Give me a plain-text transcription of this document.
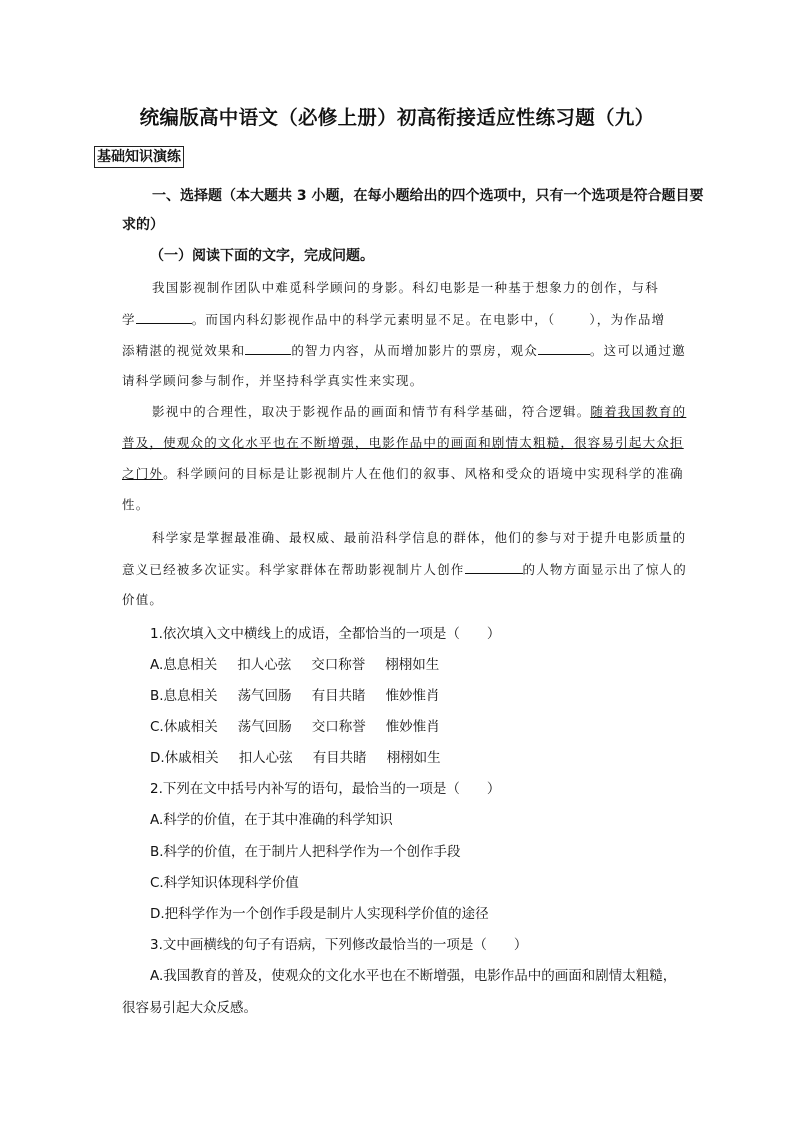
统编版高中语文（必修上册）初高衔接适应性练习题（九）
基础知识演练
一、选择题（本大题共 3 小题，在每小题给出的四个选项中，只有一个选项是符合题目要
求的）
（一）阅读下面的文字，完成问题。
我国影视制作团队中难觅科学顾问的身影。科幻电影是一种基于想象力的创作，与科
学	。而国内科幻影视作品中的科学元素明显不足。在电影中，（	），为作品增
添精湛的视觉效果和	的智力内容，从而增加影片的票房，观众	。这可以通过邀
请科学顾问参与制作，并坚持科学真实性来实现。
影视中的合理性，取决于影视作品的画面和情节有科学基础，符合逻辑。随着我国教育的
普及，使观众的文化水平也在不断增强，电影作品中的画面和剧情太粗糙，很容易引起大众拒
之门外。科学顾问的目标是让影视制片人在他们的叙事、风格和受众的语境中实现科学的准确
性。
科学家是掌握最准确、最权威、最前沿科学信息的群体，他们的参与对于提升电影质量的
意义已经被多次证实。科学家群体在帮助影视制片人创作	的人物方面显示出了惊人的
价值。
1.依次填入文中横线上的成语，全都恰当的一项是（　　）
A.息息相关 扣人心弦 交口称誉 栩栩如生
B.息息相关 荡气回肠 有目共睹 惟妙惟肖
C.休戚相关 荡气回肠 交口称誉 惟妙惟肖
D.休戚相关 扣人心弦 有目共睹 栩栩如生
2.下列在文中括号内补写的语句，最恰当的一项是（　　）
A.科学的价值，在于其中准确的科学知识
B.科学的价值，在于制片人把科学作为一个创作手段
C.科学知识体现科学价值
D.把科学作为一个创作手段是制片人实现科学价值的途径
3.文中画横线的句子有语病，下列修改最恰当的一项是（　　）
A.我国教育的普及，使观众的文化水平也在不断增强，电影作品中的画面和剧情太粗糙，
很容易引起大众反感。
